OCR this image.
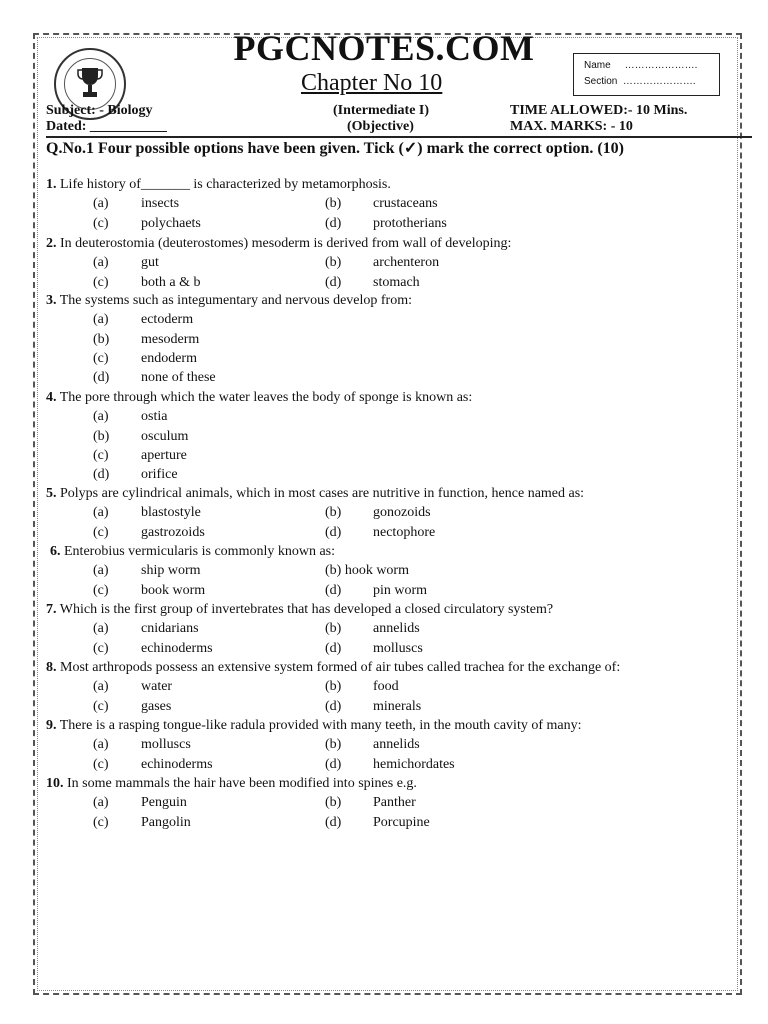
PGCNOTES.COM
Chapter No 10
Name ………………….
Section ………………….
Subject: - Biology
Dated: ___________
(Intermediate I)
(Objective)
TIME ALLOWED:- 10 Mins.
MAX. MARKS: - 10
Q.No.1 Four possible options have been given. Tick (✓) mark the correct option. (10)
1. Life history of_______ is characterized by metamorphosis.
(a) insects	(b) crustaceans
(c) polychaets	(d) prototherians
2. In deuterostomia (deuterostomes) mesoderm is derived from wall of developing:
(a) gut	(b) archenteron
(c) both a & b	(d) stomach
3. The systems such as integumentary and nervous develop from:
(a) ectoderm
(b) mesoderm
(c) endoderm
(d) none of these
4. The pore through which the water leaves the body of sponge is known as:
(a) ostia
(b) osculum
(c) aperture
(d) orifice
5. Polyps are cylindrical animals, which in most cases are nutritive in function, hence named as:
(a) blastostyle	(b) gonozoids
(c) gastrozoids	(d) nectophore
6. Enterobius vermicularis is commonly known as:
(a) ship worm	(b) hook worm
(c) book worm	(d) pin worm
7. Which is the first group of invertebrates that has developed a closed circulatory system?
(a) cnidarians	(b) annelids
(c) echinoderms	(d) molluscs
8. Most arthropods possess an extensive system formed of air tubes called trachea for the exchange of:
(a) water	(b) food
(c) gases	(d) minerals
9. There is a rasping tongue-like radula provided with many teeth, in the mouth cavity of many:
(a) molluscs	(b) annelids
(c) echinoderms	(d) hemichordates
10. In some mammals the hair have been modified into spines e.g.
(a) Penguin	(b) Panther
(c) Pangolin	(d) Porcupine
